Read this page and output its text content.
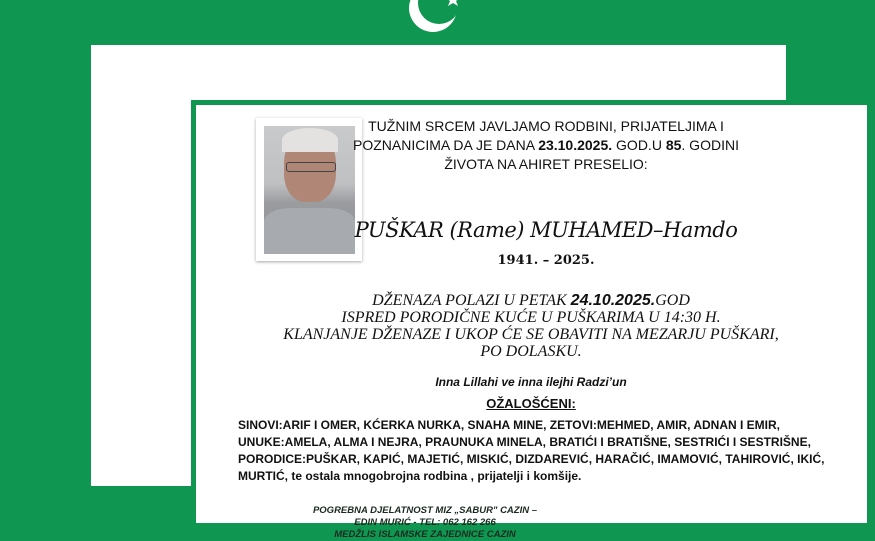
TUŽNIM SRCEM JAVLJAMO RODBINI, PRIJATELJIMA I
POZNANICIMA DA JE DANA 23.10.2025. GOD.U 85. GODINI
ŽIVOTA NA AHIRET PRESELIO:
PUŠKAR (Rame) MUHAMED–Hamdo
1941. – 2025.
DŽENAZA POLAZI U PETAK 24.10.2025.GOD
ISPRED PORODIČNE KUĆE U PUŠKARIMA U 14:30 H.
KLANJANJE DŽENAZE I UKOP ĆE SE OBAVITI NA MEZARJU PUŠKARI,
PO DOLASKU.
Inna Lillahi ve inna ilejhi Radzi’un
OŽALOŠĆENI:
SINOVI:ARIF I OMER, KĆERKA NURKA, SNAHA MINE, ZETOVI:MEHMED, AMIR, ADNAN I EMIR, UNUKE:AMELA, ALMA I NEJRA, PRAUNUKA MINELA, BRATIĆI I BRATIŠNE, SESTRIĆI I SESTRIŠNE, PORODICE:PUŠKAR, KAPIĆ, MAJETIĆ, MISKIĆ, DIZDAREVIĆ, HARAČIĆ, IMAMOVIĆ, TAHIROVIĆ, IKIĆ, MURTIĆ, te ostala mnogobrojna rodbina , prijatelji i komšije.
POGREBNA DJELATNOST MIZ „SABUR" CAZIN –
EDIN MURIĆ - TEL: 062 162 266
MEDŽLIS ISLAMSKE ZAJEDNICE CAZIN
